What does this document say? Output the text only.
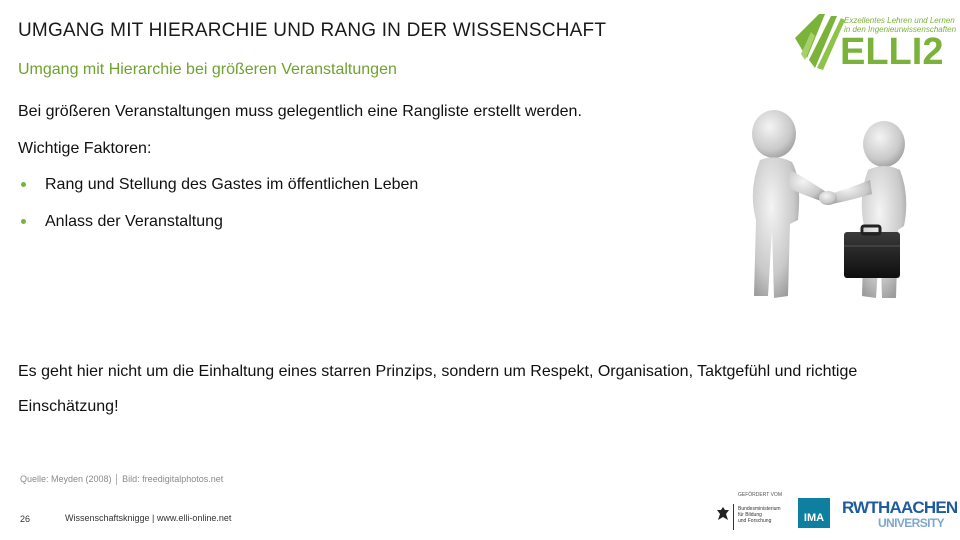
UMGANG MIT HIERARCHIE UND RANG IN DER WISSENSCHAFT
Umgang mit Hierarchie bei größeren Veranstaltungen
Exzellentes Lehren und Lernen
in den Ingenieurwissenschaften
ELLI2
Bei größeren Veranstaltungen muss gelegentlich eine Rangliste erstellt werden.
Wichtige Faktoren:
Rang und Stellung des Gastes im öffentlichen Leben
Anlass der Veranstaltung
Es geht hier nicht um die Einhaltung eines starren Prinzips, sondern um Respekt, Organisation, Taktgefühl und richtige Einschätzung!
Quelle: Meyden (2008) │ Bild: freedigitalphotos.net
26	Wissenschaftsknigge | www.elli-online.net
GEFÖRDERT VOM
Bundesministerium
für Bildung
und Forschung	IMA
RWTHAACHEN
UNIVERSITY
